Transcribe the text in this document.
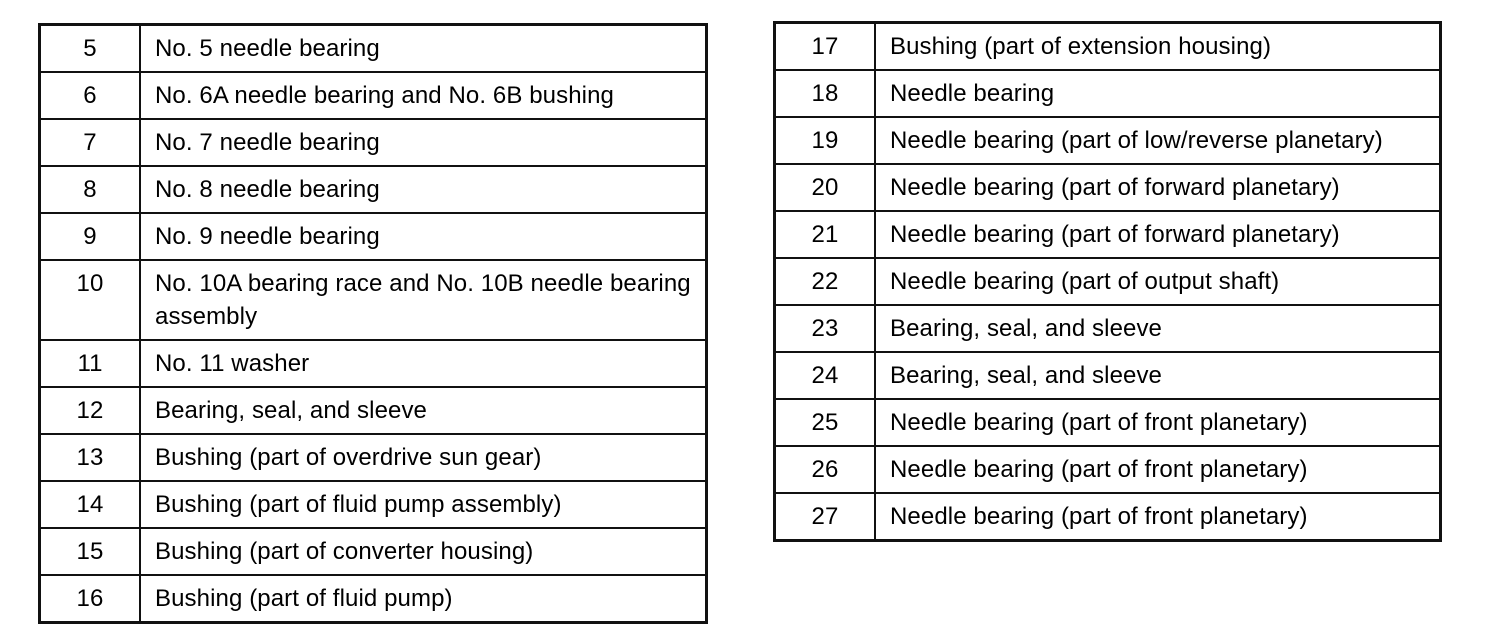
5	No. 5 needle bearing
6	No. 6A needle bearing and No. 6B bushing
7	No. 7 needle bearing
8	No. 8 needle bearing
9	No. 9 needle bearing
10	No. 10A bearing race and No. 10B needle bearing assembly
11	No. 11 washer
12	Bearing, seal, and sleeve
13	Bushing (part of overdrive sun gear)
14	Bushing (part of fluid pump assembly)
15	Bushing (part of converter housing)
16	Bushing (part of fluid pump)
17	Bushing (part of extension housing)
18	Needle bearing
19	Needle bearing (part of low/reverse planetary)
20	Needle bearing (part of forward planetary)
21	Needle bearing (part of forward planetary)
22	Needle bearing (part of output shaft)
23	Bearing, seal, and sleeve
24	Bearing, seal, and sleeve
25	Needle bearing (part of front planetary)
26	Needle bearing (part of front planetary)
27	Needle bearing (part of front planetary)
